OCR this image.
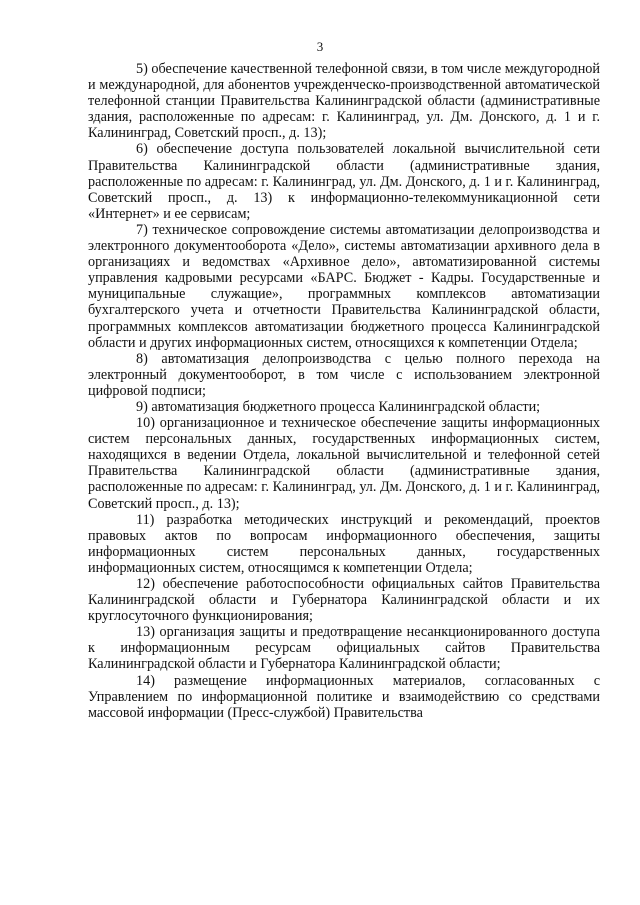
3

5) обеспечение качественной телефонной связи, в том числе междугородной и международной, для абонентов учрежденческо-производственной автоматической телефонной станции Правительства Калининградской области (административные здания, расположенные по адресам: г. Калининград, ул. Дм. Донского, д. 1 и г. Калининград, Советский просп., д. 13);

6) обеспечение доступа пользователей локальной вычислительной сети Правительства Калининградской области (административные здания, расположенные по адресам: г. Калининград, ул. Дм. Донского, д. 1 и г. Калининград, Советский просп., д. 13) к информационно-телекоммуникационной сети «Интернет» и ее сервисам;

7) техническое сопровождение системы автоматизации делопроизводства и электронного документооборота «Дело», системы автоматизации архивного дела в организациях и ведомствах «Архивное дело», автоматизированной системы управления кадровыми ресурсами «БАРС. Бюджет - Кадры. Государственные и муниципальные служащие», программных комплексов автоматизации бухгалтерского учета и отчетности Правительства Калининградской области, программных комплексов автоматизации бюджетного процесса Калининградской области и других информационных систем, относящихся к компетенции Отдела;

8) автоматизация делопроизводства с целью полного перехода на электронный документооборот, в том числе с использованием электронной цифровой подписи;

9) автоматизация бюджетного процесса Калининградской области;

10) организационное и техническое обеспечение защиты информационных систем персональных данных, государственных информационных систем, находящихся в ведении Отдела, локальной вычислительной и телефонной сетей Правительства Калининградской области (административные здания, расположенные по адресам: г. Калининград, ул. Дм. Донского, д. 1 и г. Калининград, Советский просп., д. 13);

11) разработка методических инструкций и рекомендаций, проектов правовых актов по вопросам информационного обеспечения, защиты информационных систем персональных данных, государственных информационных систем, относящимся к компетенции Отдела;

12) обеспечение работоспособности официальных сайтов Правительства Калининградской области и Губернатора Калининградской области и их круглосуточного функционирования;

13) организация защиты и предотвращение несанкционированного доступа к информационным ресурсам официальных сайтов Правительства Калининградской области и Губернатора Калининградской области;

14) размещение информационных материалов, согласованных с Управлением по информационной политике и взаимодействию со средствами массовой информации (Пресс-службой) Правительства
